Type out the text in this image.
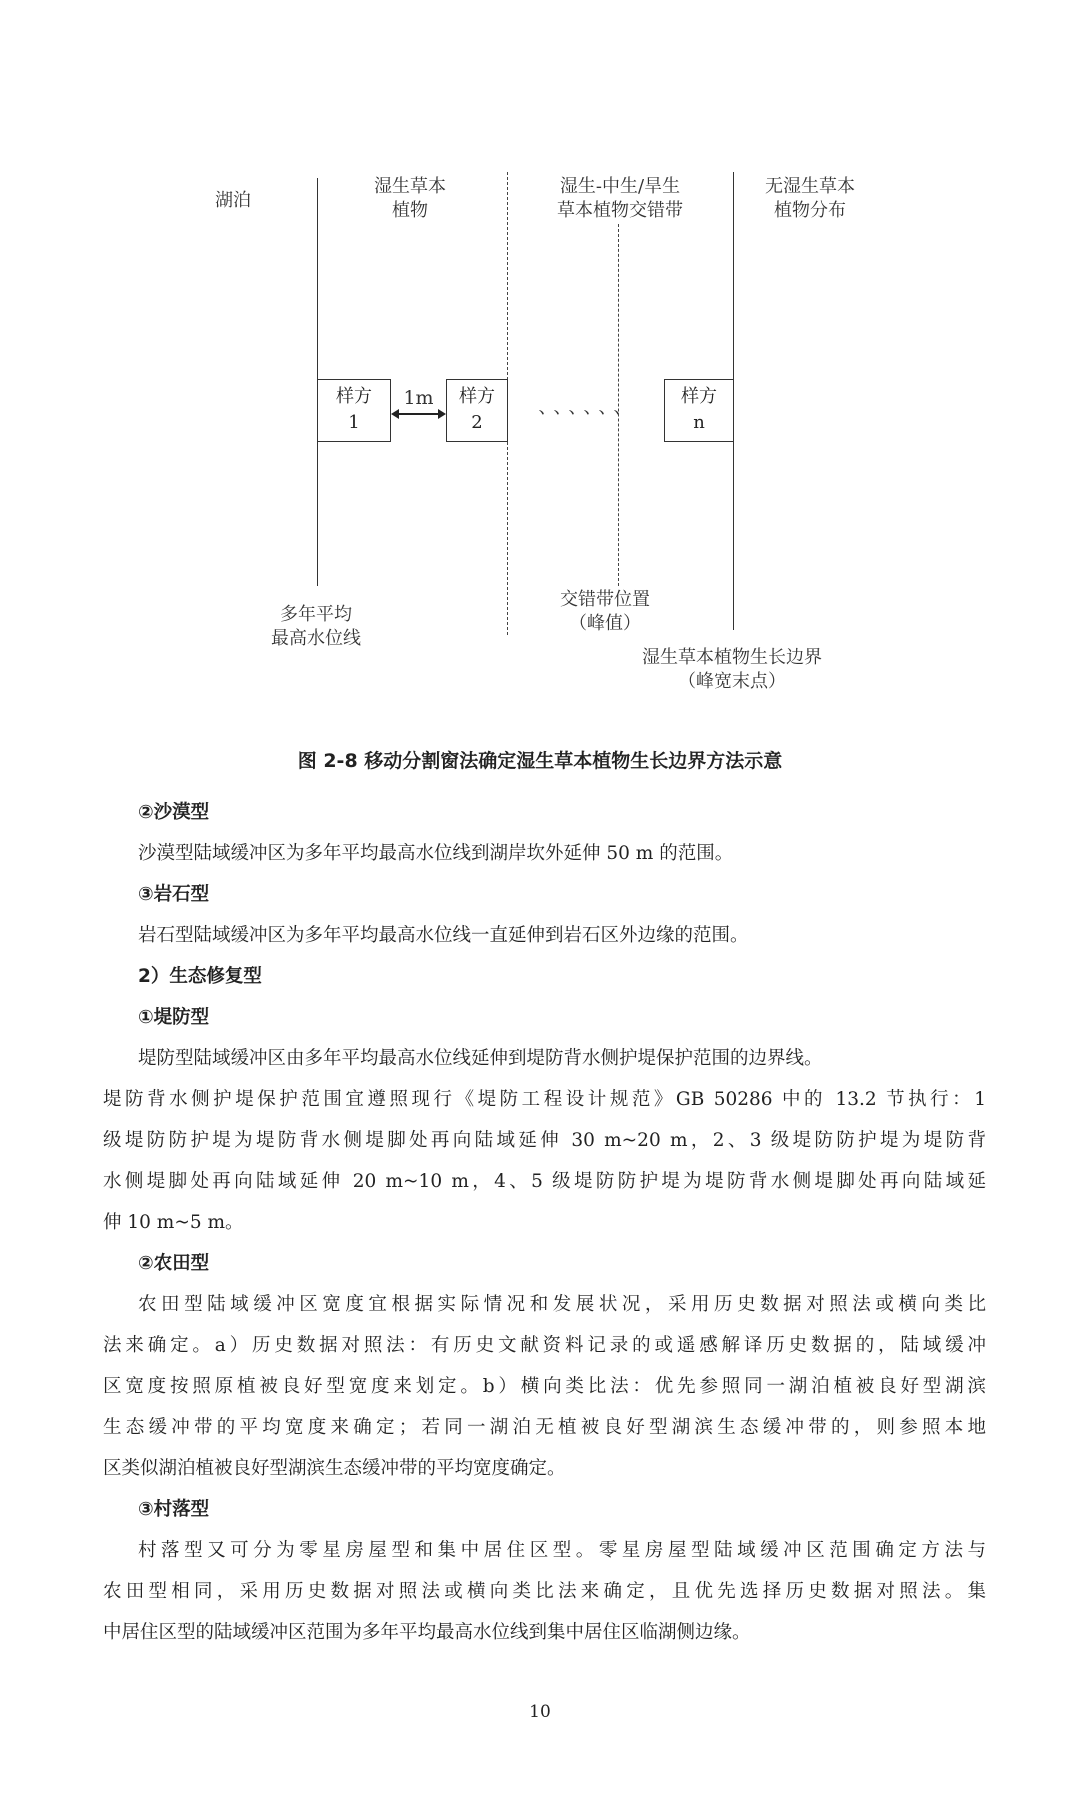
湖泊
湿生草本
植物
湿生-中生/旱生
草本植物交错带
无湿生草本
植物分布
样方
1
样方
2
样方
n
1m	、、、、、、
多年平均
最高水位线
交错带位置
（峰值）
湿生草本植物生长边界
（峰宽末点）
图 2-8 移动分割窗法确定湿生草本植物生长边界方法示意
②沙漠型
沙漠型陆域缓冲区为多年平均最高水位线到湖岸坎外延伸 50 m 的范围。
③岩石型
岩石型陆域缓冲区为多年平均最高水位线一直延伸到岩石区外边缘的范围。
2）生态修复型
①堤防型
堤防型陆域缓冲区由多年平均最高水位线延伸到堤防背水侧护堤保护范围的边界线。
堤防背水侧护堤保护范围宜遵照现行《堤防工程设计规范》GB 50286 中的 13.2 节执行：1
级堤防防护堤为堤防背水侧堤脚处再向陆域延伸 30 m~20 m，2、3 级堤防防护堤为堤防背
水侧堤脚处再向陆域延伸 20 m~10 m，4、5 级堤防防护堤为堤防背水侧堤脚处再向陆域延
伸 10 m~5 m。
②农田型
农田型陆域缓冲区宽度宜根据实际情况和发展状况，采用历史数据对照法或横向类比
法来确定。a）历史数据对照法：有历史文献资料记录的或遥感解译历史数据的，陆域缓冲
区宽度按照原植被良好型宽度来划定。b）横向类比法：优先参照同一湖泊植被良好型湖滨
生态缓冲带的平均宽度来确定；若同一湖泊无植被良好型湖滨生态缓冲带的，则参照本地
区类似湖泊植被良好型湖滨生态缓冲带的平均宽度确定。
③村落型
村落型又可分为零星房屋型和集中居住区型。零星房屋型陆域缓冲区范围确定方法与
农田型相同，采用历史数据对照法或横向类比法来确定，且优先选择历史数据对照法。集
中居住区型的陆域缓冲区范围为多年平均最高水位线到集中居住区临湖侧边缘。
10
